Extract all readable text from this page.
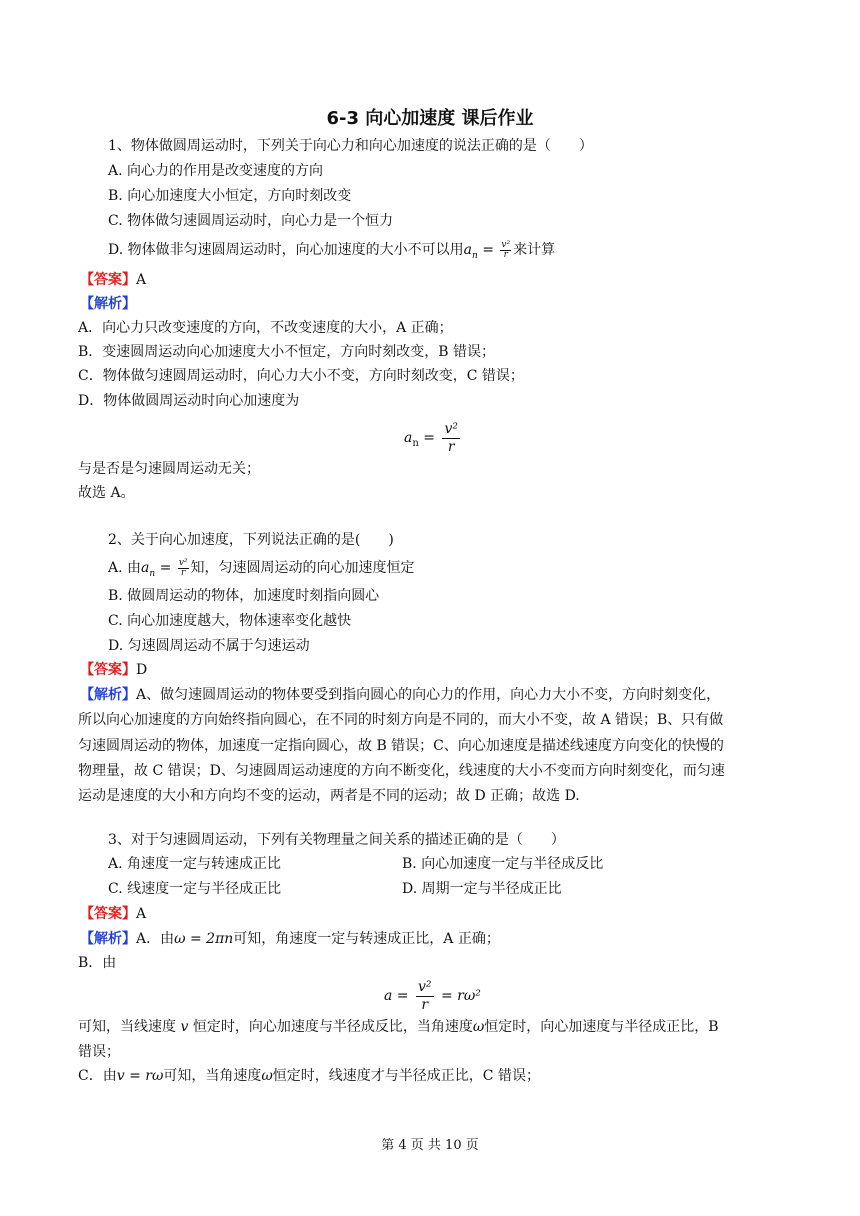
6-3 向心加速度 课后作业
1、物体做圆周运动时，下列关于向心力和向心加速度的说法正确的是（　　）
A. 向心力的作用是改变速度的方向
B. 向心加速度大小恒定，方向时刻改变
C. 物体做匀速圆周运动时，向心力是一个恒力
D. 物体做非匀速圆周运动时，向心加速度的大小不可以用$a_n = \frac{\text{v²}}{r}$ 来计算
【答案】A
【解析】
A．向心力只改变速度的方向，不改变速度的大小，A 正确；
B．变速圆周运动向心加速度大小不恒定，方向时刻改变，B 错误；
C．物体做匀速圆周运动时，向心力大小不变，方向时刻改变，C 错误；
D．物体做圆周运动时向心加速度为
$a_n = \frac{\text{v²}}{r}$
与是否是匀速圆周运动无关；
故选 A。
2、关于向心加速度，下列说法正确的是(　　)
A. 由$a_n = \frac{\text{v²}}{r}$ 知，匀速圆周运动的向心加速度恒定
B. 做圆周运动的物体，加速度时刻指向圆心
C. 向心加速度越大，物体速率变化越快
D. 匀速圆周运动不属于匀速运动
【答案】D
【解析】A、做匀速圆周运动的物体要受到指向圆心的向心力的作用，向心力大小不变，方向时刻变化，
所以向心加速度的方向始终指向圆心，在不同的时刻方向是不同的，而大小不变，故 A 错误；B、只有做
匀速圆周运动的物体，加速度一定指向圆心，故 B 错误；C、向心加速度是描述线速度方向变化的快慢的
物理量，故 C 错误；D、匀速圆周运动速度的方向不断变化，线速度的大小不变而方向时刻变化，而匀速
运动是速度的大小和方向均不变的运动，两者是不同的运动；故 D 正确；故选 D.
3、对于匀速圆周运动，下列有关物理量之间关系的描述正确的是（　　）
A. 角速度一定与转速成正比	B. 向心加速度一定与半径成反比
C. 线速度一定与半径成正比	D. 周期一定与半径成正比
【答案】A
【解析】A．由ω = 2πn可知，角速度一定与转速成正比，A 正确；
B．由
$a = \frac{\text{v²}}{r} = r\omega^2$
可知，当线速度 v 恒定时，向心加速度与半径成反比，当角速度ω恒定时，向心加速度与半径成正比，B
错误；
C．由v = rω可知，当角速度ω恒定时，线速度才与半径成正比，C 错误；
第 4 页 共 10 页
